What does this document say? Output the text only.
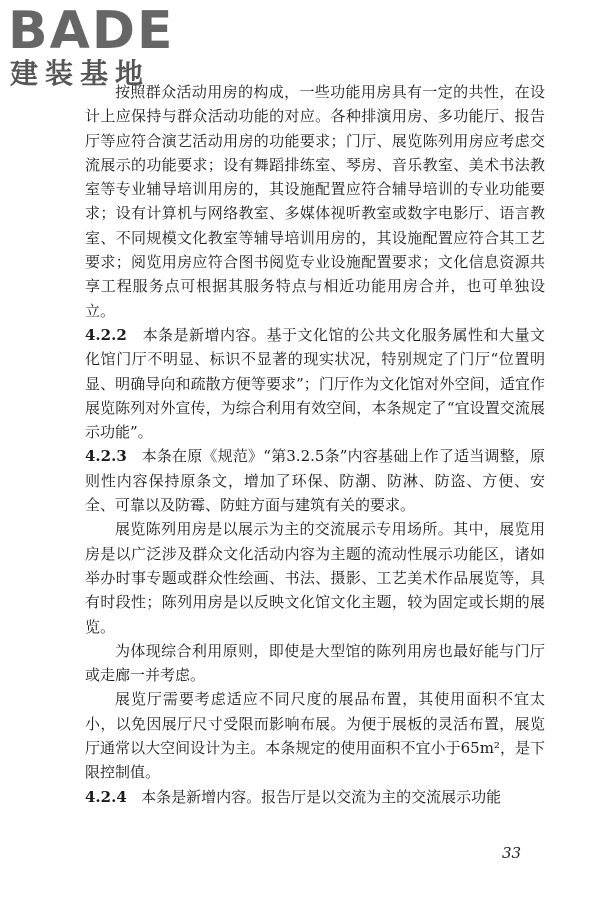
BADE
建装基地

按照群众活动用房的构成，一些功能用房具有一定的共性，在设计上应保持与群众活动功能的对应。各种排演用房、多功能厅、报告厅等应符合演艺活动用房的功能要求；门厅、展览陈列用房应考虑交流展示的功能要求；设有舞蹈排练室、琴房、音乐教室、美术书法教室等专业辅导培训用房的，其设施配置应符合辅导培训的专业功能要求；设有计算机与网络教室、多媒体视听教室或数字电影厅、语言教室、不同规模文化教室等辅导培训用房的，其设施配置应符合其工艺要求；阅览用房应符合图书阅览专业设施配置要求；文化信息资源共享工程服务点可根据其服务特点与相近功能用房合并，也可单独设立。

4.2.2 本条是新增内容。基于文化馆的公共文化服务属性和大量文化馆门厅不明显、标识不显著的现实状况，特别规定了门厅“位置明显、明确导向和疏散方便等要求”；门厅作为文化馆对外空间，适宜作展览陈列对外宣传，为综合利用有效空间，本条规定了“宜设置交流展示功能”。

4.2.3 本条在原《规范》“第3.2.5条”内容基础上作了适当调整，原则性内容保持原条文，增加了环保、防潮、防淋、防盗、方便、安全、可靠以及防霉、防蛀方面与建筑有关的要求。

展览陈列用房是以展示为主的交流展示专用场所。其中，展览用房是以广泛涉及群众文化活动内容为主题的流动性展示功能区，诸如举办时事专题或群众性绘画、书法、摄影、工艺美术作品展览等，具有时段性；陈列用房是以反映文化馆文化主题，较为固定或长期的展览。

为体现综合利用原则，即使是大型馆的陈列用房也最好能与门厅或走廊一并考虑。

展览厅需要考虑适应不同尺度的展品布置，其使用面积不宜太小，以免因展厅尺寸受限而影响布展。为便于展板的灵活布置，展览厅通常以大空间设计为主。本条规定的使用面积不宜小于65m²，是下限控制值。

4.2.4 本条是新增内容。报告厅是以交流为主的交流展示功能

33
